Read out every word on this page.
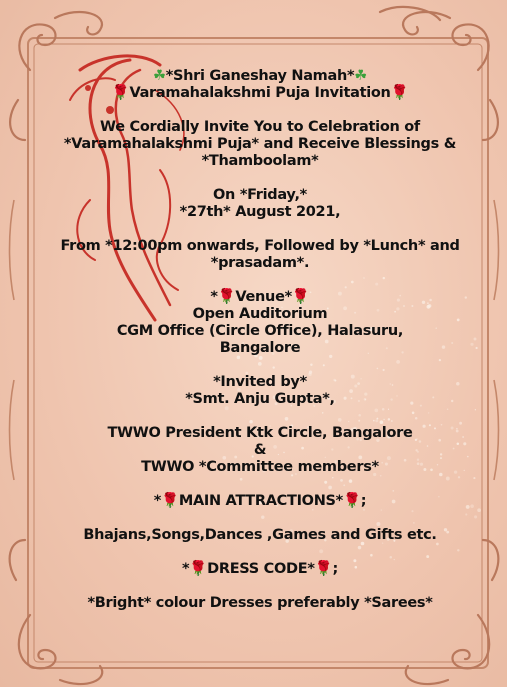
☘*Shri Ganeshay Namah*☘
🌹Varamahalakshmi Puja Invitation🌹
We Cordially Invite You to Celebration of
*Varamahalakshmi Puja* and Receive Blessings &
*Thamboolam*
On *Friday,*
*27th* August 2021,
From *12:00pm onwards, Followed by *Lunch* and
*prasadam*.
*🌹Venue*🌹
Open Auditorium
CGM Office (Circle Office), Halasuru,
Bangalore
*Invited by*
*Smt. Anju Gupta*,
TWWO President Ktk Circle, Bangalore
&
TWWO *Committee members*
*🌹MAIN ATTRACTIONS*🌹;
Bhajans,Songs,Dances ,Games and Gifts etc.
*🌹DRESS CODE*🌹;
*Bright* colour Dresses preferably *Sarees*
